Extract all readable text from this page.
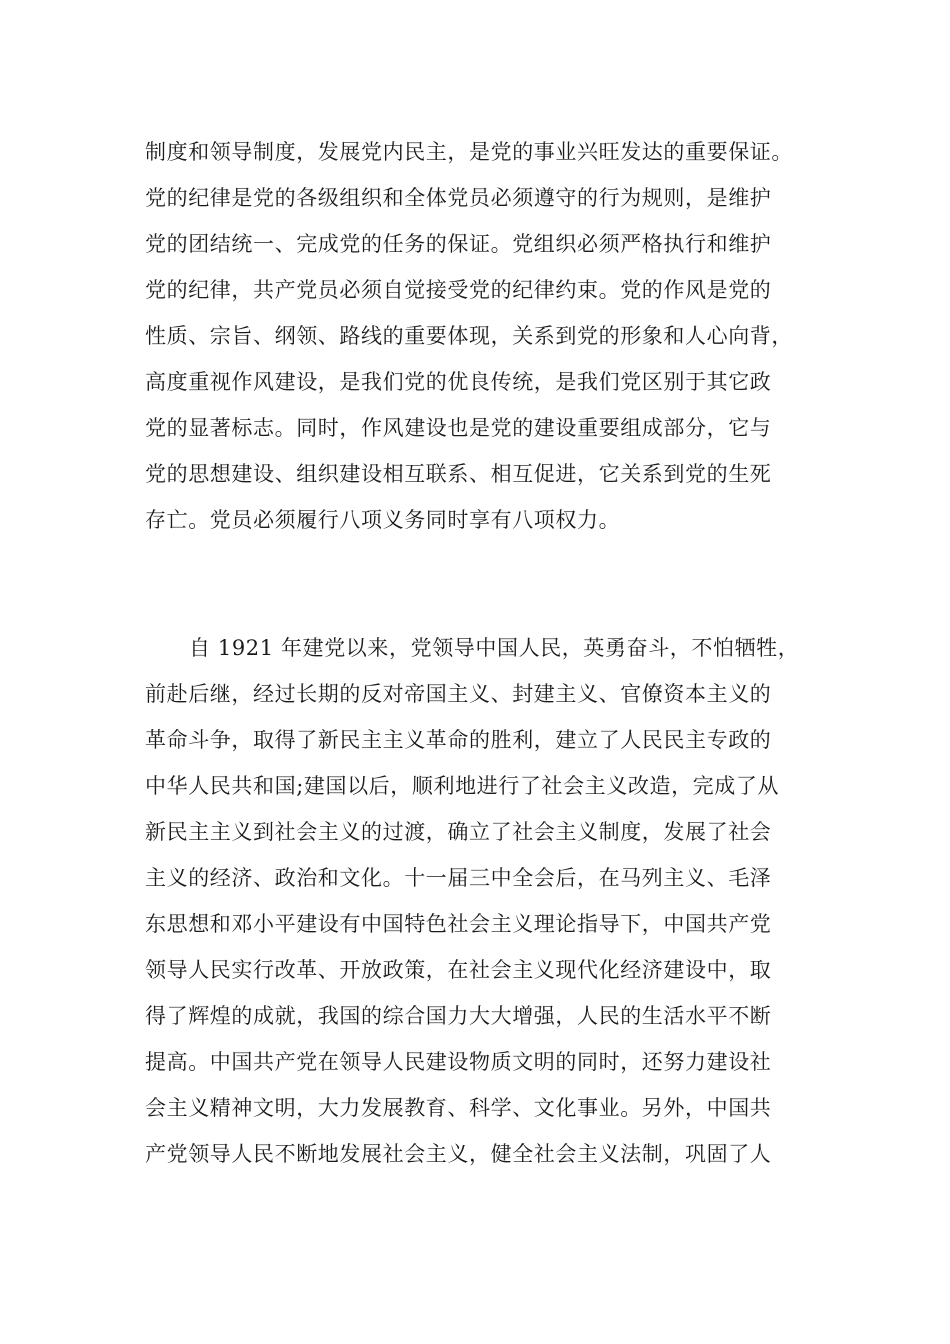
制度和领导制度，发展党内民主，是党的事业兴旺发达的重要保证。
党的纪律是党的各级组织和全体党员必须遵守的行为规则，是维护
党的团结统一、完成党的任务的保证。党组织必须严格执行和维护
党的纪律，共产党员必须自觉接受党的纪律约束。党的作风是党的
性质、宗旨、纲领、路线的重要体现，关系到党的形象和人心向背，
高度重视作风建设，是我们党的优良传统，是我们党区别于其它政
党的显著标志。同时，作风建设也是党的建设重要组成部分，它与
党的思想建设、组织建设相互联系、相互促进，它关系到党的生死
存亡。党员必须履行八项义务同时享有八项权力。
自 1921 年建党以来，党领导中国人民，英勇奋斗，不怕牺牲，
前赴后继，经过长期的反对帝国主义、封建主义、官僚资本主义的
革命斗争，取得了新民主主义革命的胜利，建立了人民民主专政的
中华人民共和国;建国以后，顺利地进行了社会主义改造，完成了从
新民主主义到社会主义的过渡，确立了社会主义制度，发展了社会
主义的经济、政治和文化。十一届三中全会后，在马列主义、毛泽
东思想和邓小平建设有中国特色社会主义理论指导下，中国共产党
领导人民实行改革、开放政策，在社会主义现代化经济建设中，取
得了辉煌的成就，我国的综合国力大大增强，人民的生活水平不断
提高。中国共产党在领导人民建设物质文明的同时，还努力建设社
会主义精神文明，大力发展教育、科学、文化事业。另外，中国共
产党领导人民不断地发展社会主义，健全社会主义法制，巩固了人
